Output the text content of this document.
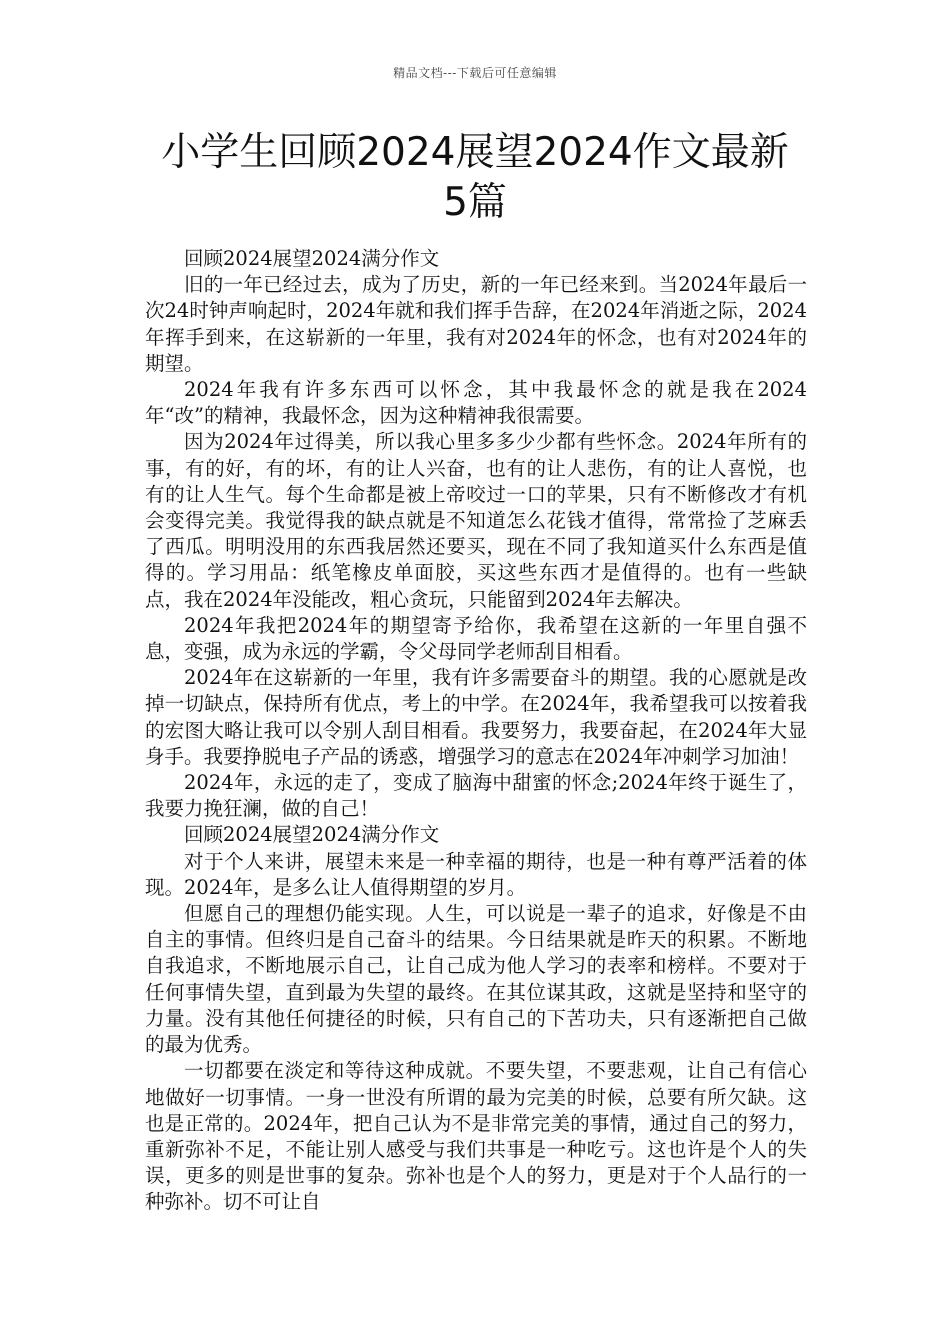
精品文档---下载后可任意编辑
小学生回顾2024展望2024作文最新5篇

回顾2024展望2024满分作文

旧的一年已经过去，成为了历史，新的一年已经来到。当2024年最后一次24时钟声响起时，2024年就和我们挥手告辞，在2024年消逝之际，2024年挥手到来，在这崭新的一年里，我有对2024年的怀念，也有对2024年的期望。

2024年我有许多东西可以怀念，其中我最怀念的就是我在2024年“改”的精神，我最怀念，因为这种精神我很需要。

因为2024年过得美，所以我心里多多少少都有些怀念。2024年所有的事，有的好，有的坏，有的让人兴奋，也有的让人悲伤，有的让人喜悦，也有的让人生气。每个生命都是被上帝咬过一口的苹果，只有不断修改才有机会变得完美。我觉得我的缺点就是不知道怎么花钱才值得，常常捡了芝麻丢了西瓜。明明没用的东西我居然还要买，现在不同了我知道买什么东西是值得的。学习用品：纸笔橡皮单面胶，买这些东西才是值得的。也有一些缺点，我在2024年没能改，粗心贪玩，只能留到2024年去解决。

2024年我把2024年的期望寄予给你，我希望在这新的一年里自强不息，变强，成为永远的学霸，令父母同学老师刮目相看。

2024年在这崭新的一年里，我有许多需要奋斗的期望。我的心愿就是改掉一切缺点，保持所有优点，考上的中学。在2024年，我希望我可以按着我的宏图大略让我可以令别人刮目相看。我要努力，我要奋起，在2024年大显身手。我要挣脱电子产品的诱惑，增强学习的意志在2024年冲刺学习加油！

2024年，永远的走了，变成了脑海中甜蜜的怀念;2024年终于诞生了，我要力挽狂澜，做的自己！

回顾2024展望2024满分作文

对于个人来讲，展望未来是一种幸福的期待，也是一种有尊严活着的体现。2024年，是多么让人值得期望的岁月。

但愿自己的理想仍能实现。人生，可以说是一辈子的追求，好像是不由自主的事情。但终归是自己奋斗的结果。今日结果就是昨天的积累。不断地自我追求，不断地展示自己，让自己成为他人学习的表率和榜样。不要对于任何事情失望，直到最为失望的最终。在其位谋其政，这就是坚持和坚守的力量。没有其他任何捷径的时候，只有自己的下苦功夫，只有逐渐把自己做的最为优秀。

一切都要在淡定和等待这种成就。不要失望，不要悲观，让自己有信心地做好一切事情。一身一世没有所谓的最为完美的时候，总要有所欠缺。这也是正常的。2024年，把自己认为不是非常完美的事情，通过自己的努力，重新弥补不足，不能让别人感受与我们共事是一种吃亏。这也许是个人的失误，更多的则是世事的复杂。弥补也是个人的努力，更是对于个人品行的一种弥补。切不可让自
